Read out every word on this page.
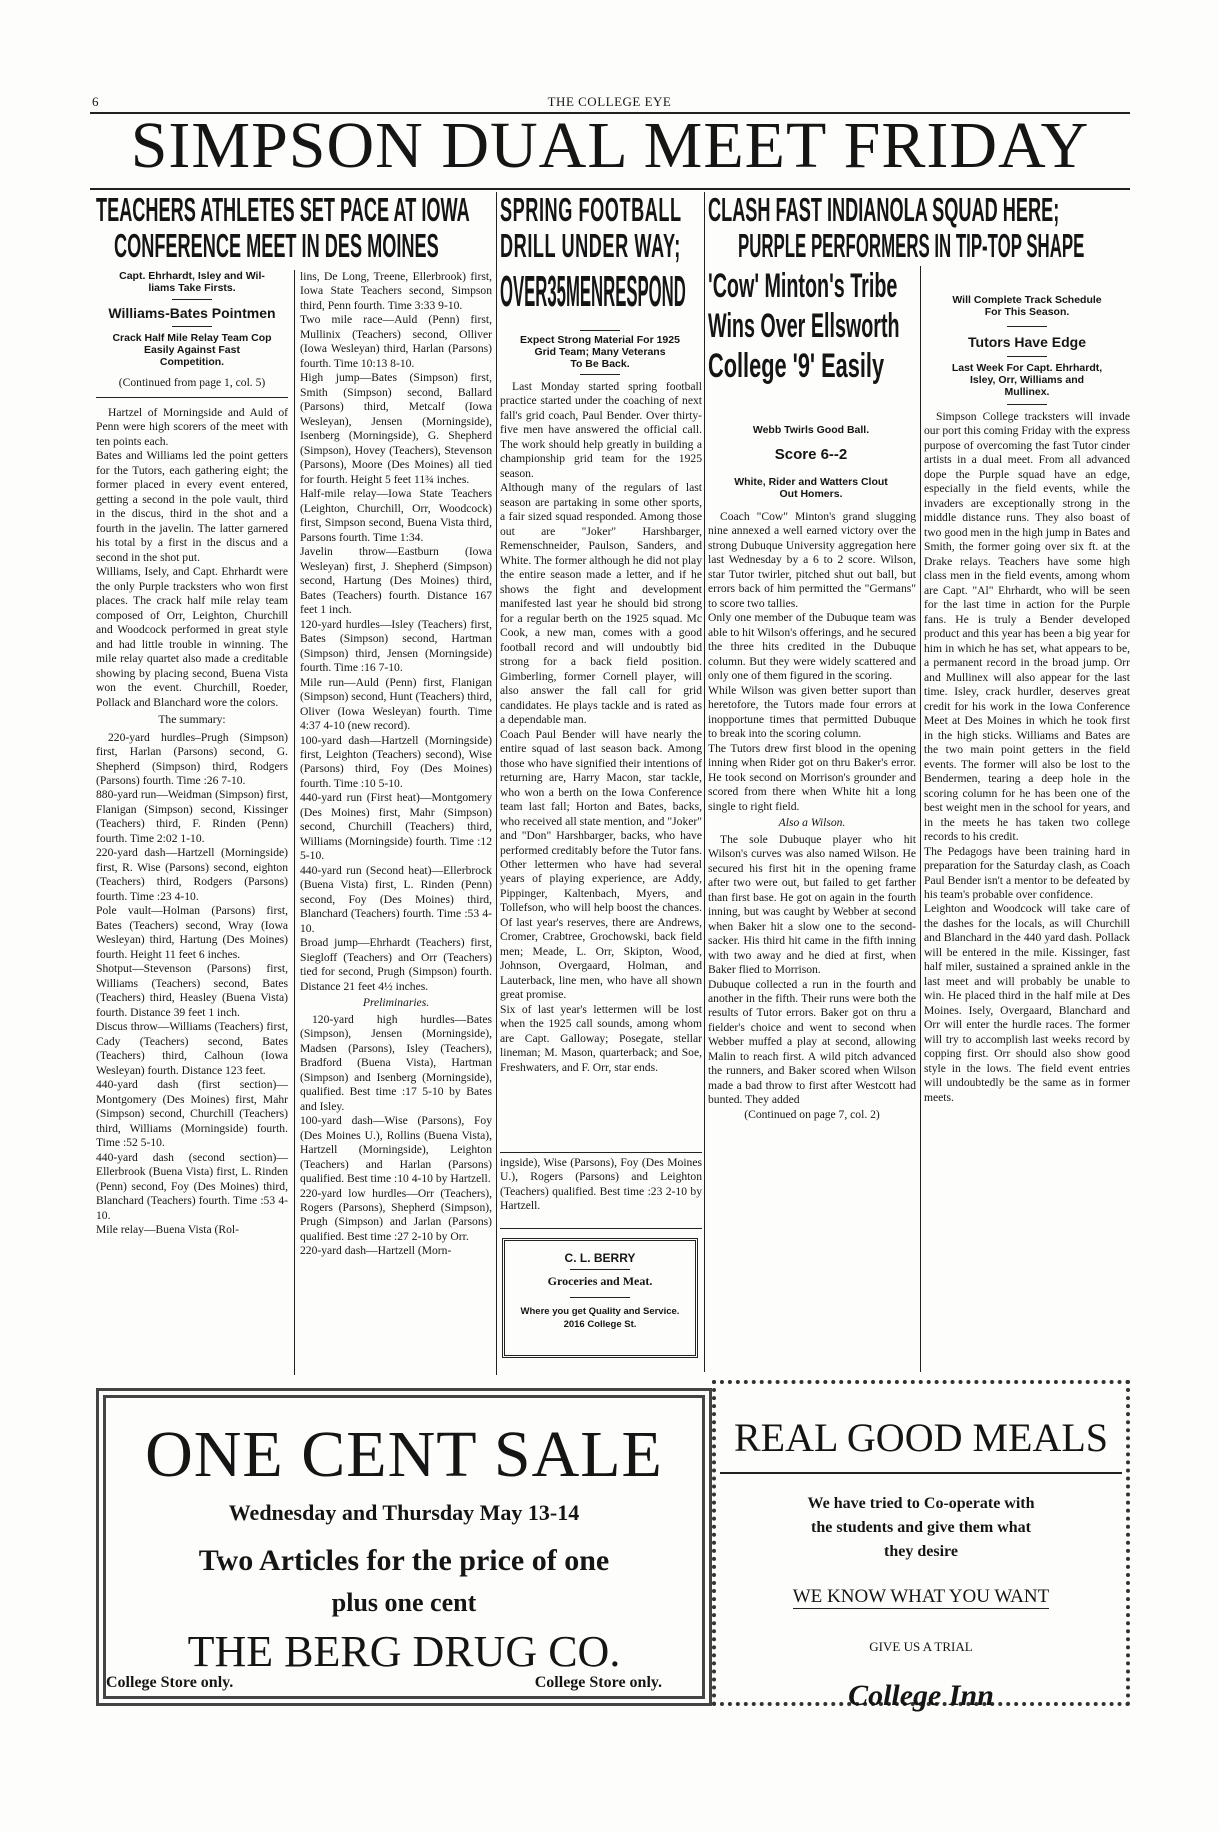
6	THE COLLEGE EYE
SIMPSON DUAL MEET FRIDAY
TEACHERS ATHLETES SET PACE AT IOWA
CONFERENCE MEET IN DES MOINES
Capt. Ehrhardt, Isley and Wil-
liams Take Firsts.
Williams-Bates Pointmen
Crack Half Mile Relay Team Cop
Easily Against Fast
Competition.
(Continued from page 1, col. 5)
Hartzel of Morningside and Auld of Penn were high scorers of the meet with ten points each.
Bates and Williams led the point getters for the Tutors, each gathering eight; the former placed in every event entered, getting a second in the pole vault, third in the discus, third in the shot and a fourth in the javelin. The latter garnered his total by a first in the discus and a second in the shot put.
Williams, Isely, and Capt. Ehrhardt were the only Purple tracksters who won first places. The crack half mile relay team composed of Orr, Leighton, Churchill and Woodcock performed in great style and had little trouble in winning. The mile relay quartet also made a creditable showing by placing second, Buena Vista won the event. Churchill, Roeder, Pollack and Blanchard wore the colors.
The summary:
220-yard hurdles–Prugh (Simpson) first, Harlan (Parsons) second, G. Shepherd (Simpson) third, Rodgers (Parsons) fourth. Time :26 7-10.
880-yard run—Weidman (Simpson) first, Flanigan (Simpson) second, Kissinger (Teachers) third, F. Rinden (Penn) fourth. Time 2:02 1-10.
220-yard dash—Hartzell (Morningside) first, R. Wise (Parsons) second, eighton (Teachers) third, Rodgers (Parsons) fourth. Time :23 4-10.
Pole vault—Holman (Parsons) first, Bates (Teachers) second, Wray (Iowa Wesleyan) third, Hartung (Des Moines) fourth. Height 11 feet 6 inches.
Shotput—Stevenson (Parsons) first, Williams (Teachers) second, Bates (Teachers) third, Heasley (Buena Vista) fourth. Distance 39 feet 1 inch.
Discus throw—Williams (Teachers) first, Cady (Teachers) second, Bates (Teachers) third, Calhoun (Iowa Wesleyan) fourth. Distance 123 feet.
440-yard dash (first section)—Montgomery (Des Moines) first, Mahr (Simpson) second, Churchill (Teachers) third, Williams (Morningside) fourth. Time :52 5-10.
440-yard dash (second section)—Ellerbrook (Buena Vista) first, L. Rinden (Penn) second, Foy (Des Moines) third, Blanchard (Teachers) fourth. Time :53 4-10.
Mile relay—Buena Vista (Rol-
lins, De Long, Treene, Ellerbrook) first, Iowa State Teachers second, Simpson third, Penn fourth. Time 3:33 9-10.
Two mile race—Auld (Penn) first, Mullinix (Teachers) second, Olliver (Iowa Wesleyan) third, Harlan (Parsons) fourth. Time 10:13 8-10.
High jump—Bates (Simpson) first, Smith (Simpson) second, Ballard (Parsons) third, Metcalf (Iowa Wesleyan), Jensen (Morningside), Isenberg (Morningside), G. Shepherd (Simpson), Hovey (Teachers), Stevenson (Parsons), Moore (Des Moines) all tied for fourth. Height 5 feet 11¾ inches.
Half-mile relay—Iowa State Teachers (Leighton, Churchill, Orr, Woodcock) first, Simpson second, Buena Vista third, Parsons fourth. Time 1:34.
Javelin throw—Eastburn (Iowa Wesleyan) first, J. Shepherd (Simpson) second, Hartung (Des Moines) third, Bates (Teachers) fourth. Distance 167 feet 1 inch.
120-yard hurdles—Isley (Teachers) first, Bates (Simpson) second, Hartman (Simpson) third, Jensen (Morningside) fourth. Time :16 7-10.
Mile run—Auld (Penn) first, Flanigan (Simpson) second, Hunt (Teachers) third, Oliver (Iowa Wesleyan) fourth. Time 4:37 4-10 (new record).
100-yard dash—Hartzell (Morningside) first, Leighton (Teachers) second), Wise (Parsons) third, Foy (Des Moines) fourth. Time :10 5-10.
440-yard run (First heat)—Montgomery (Des Moines) first, Mahr (Simpson) second, Churchill (Teachers) third, Williams (Morningside) fourth. Time :12 5-10.
440-yard run (Second heat)—Ellerbrock (Buena Vista) first, L. Rinden (Penn) second, Foy (Des Moines) third, Blanchard (Teachers) fourth. Time :53 4-10.
Broad jump—Ehrhardt (Teachers) first, Siegloff (Teachers) and Orr (Teachers) tied for second, Prugh (Simpson) fourth. Distance 21 feet 4½ inches.
Preliminaries.
120-yard high hurdles—Bates (Simpson), Jensen (Morningside), Madsen (Parsons), Isley (Teachers), Bradford (Buena Vista), Hartman (Simpson) and Isenberg (Morningside), qualified. Best time :17 5-10 by Bates and Isley.
100-yard dash—Wise (Parsons), Foy (Des Moines U.), Rollins (Buena Vista), Hartzell (Morningside), Leighton (Teachers) and Harlan (Parsons) qualified. Best time :10 4-10 by Hartzell.
220-yard low hurdles—Orr (Teachers), Rogers (Parsons), Shepherd (Simpson), Prugh (Simpson) and Jarlan (Parsons) qualified. Best time :27 2-10 by Orr.
220-yard dash—Hartzell (Morn-
SPRING FOOTBALL
DRILL UNDER WAY;
OVER35MENRESPOND
Expect Strong Material For 1925
Grid Team; Many Veterans
To Be Back.
Last Monday started spring football practice started under the coaching of next fall's grid coach, Paul Bender. Over thirty-five men have answered the official call. The work should help greatly in building a championship grid team for the 1925 season.
Although many of the regulars of last season are partaking in some other sports, a fair sized squad responded. Among those out are "Joker" Harshbarger, Remenschneider, Paulson, Sanders, and White. The former although he did not play the entire season made a letter, and if he shows the fight and development manifested last year he should bid strong for a regular berth on the 1925 squad. Mc Cook, a new man, comes with a good football record and will undoubtly bid strong for a back field position. Gimberling, former Cornell player, will also answer the fall call for grid candidates. He plays tackle and is rated as a dependable man.
Coach Paul Bender will have nearly the entire squad of last season back. Among those who have signified their intentions of returning are, Harry Macon, star tackle, who won a berth on the Iowa Conference team last fall; Horton and Bates, backs, who received all state mention, and "Joker" and "Don" Harshbarger, backs, who have performed creditably before the Tutor fans. Other lettermen who have had several years of playing experience, are Addy, Pippinger, Kaltenbach, Myers, and Tollefson, who will help boost the chances. Of last year's reserves, there are Andrews, Cromer, Crabtree, Grochowski, back field men; Meade, L. Orr, Skipton, Wood, Johnson, Overgaard, Holman, and Lauterback, line men, who have all shown great promise.
Six of last year's lettermen will be lost when the 1925 call sounds, among whom are Capt. Galloway; Posegate, stellar lineman; M. Mason, quarterback; and Soe, Freshwaters, and F. Orr, star ends.
ingside), Wise (Parsons), Foy (Des Moines U.), Rogers (Parsons) and Leighton (Teachers) qualified. Best time :23 2-10 by Hartzell.
C. L. BERRY
Groceries and Meat.
Where you get Quality and Service.
2016 College St.
CLASH FAST INDIANOLA SQUAD HERE;
PURPLE PERFORMERS IN TIP-TOP SHAPE
'Cow' Minton's Tribe
Wins Over Ellsworth
College '9' Easily
Webb Twirls Good Ball.
Score 6--2
White, Rider and Watters Clout
Out Homers.
Coach "Cow" Minton's grand slugging nine annexed a well earned victory over the strong Dubuque University aggregation here last Wednesday by a 6 to 2 score. Wilson, star Tutor twirler, pitched shut out ball, but errors back of him permitted the "Germans" to score two tallies.
Only one member of the Dubuque team was able to hit Wilson's offerings, and he secured the three hits credited in the Dubuque column. But they were widely scattered and only one of them figured in the scoring.
While Wilson was given better suport than heretofore, the Tutors made four errors at inopportune times that permitted Dubuque to break into the scoring column.
The Tutors drew first blood in the opening inning when Rider got on thru Baker's error. He took second on Morrison's grounder and scored from there when White hit a long single to right field.
Also a Wilson.
The sole Dubuque player who hit Wilson's curves was also named Wilson. He secured his first hit in the opening frame after two were out, but failed to get farther than first base. He got on again in the fourth inning, but was caught by Webber at second when Baker hit a slow one to the second-sacker. His third hit came in the fifth inning with two away and he died at first, when Baker flied to Morrison.
Dubuque collected a run in the fourth and another in the fifth. Their runs were both the results of Tutor errors. Baker got on thru a fielder's choice and went to second when Webber muffed a play at second, allowing Malin to reach first. A wild pitch advanced the runners, and Baker scored when Wilson made a bad throw to first after Westcott had bunted. They added
(Continued on page 7, col. 2)
Will Complete Track Schedule
For This Season.
Tutors Have Edge
Last Week For Capt. Ehrhardt,
Isley, Orr, Williams and
Mullinex.
Simpson College tracksters will invade our port this coming Friday with the express purpose of overcoming the fast Tutor cinder artists in a dual meet. From all advanced dope the Purple squad have an edge, especially in the field events, while the invaders are exceptionally strong in the middle distance runs. They also boast of two good men in the high jump in Bates and Smith, the former going over six ft. at the Drake relays. Teachers have some high class men in the field events, among whom are Capt. "Al" Ehrhardt, who will be seen for the last time in action for the Purple fans. He is truly a Bender developed product and this year has been a big year for him in which he has set, what appears to be, a permanent record in the broad jump. Orr and Mullinex will also appear for the last time. Isley, crack hurdler, deserves great credit for his work in the Iowa Conference Meet at Des Moines in which he took first in the high sticks. Williams and Bates are the two main point getters in the field events. The former will also be lost to the Bendermen, tearing a deep hole in the scoring column for he has been one of the best weight men in the school for years, and in the meets he has taken two college records to his credit.
The Pedagogs have been training hard in preparation for the Saturday clash, as Coach Paul Bender isn't a mentor to be defeated by his team's probable over confidence.
Leighton and Woodcock will take care of the dashes for the locals, as will Churchill and Blanchard in the 440 yard dash. Pollack will be entered in the mile. Kissinger, fast half miler, sustained a sprained ankle in the last meet and will probably be unable to win. He placed third in the half mile at Des Moines. Isely, Overgaard, Blanchard and Orr will enter the hurdle races. The former will try to accomplish last weeks record by copping first. Orr should also show good style in the lows. The field event entries will undoubtedly be the same as in former meets.
ONE CENT SALE
Wednesday and Thursday May 13-14
Two Articles for the price of one
plus one cent
THE BERG DRUG CO.
College Store only.	College Store only.
REAL GOOD MEALS
We have tried to Co-operate with
the students and give them what
they desire
WE KNOW WHAT YOU WANT
GIVE US A TRIAL
College Inn
